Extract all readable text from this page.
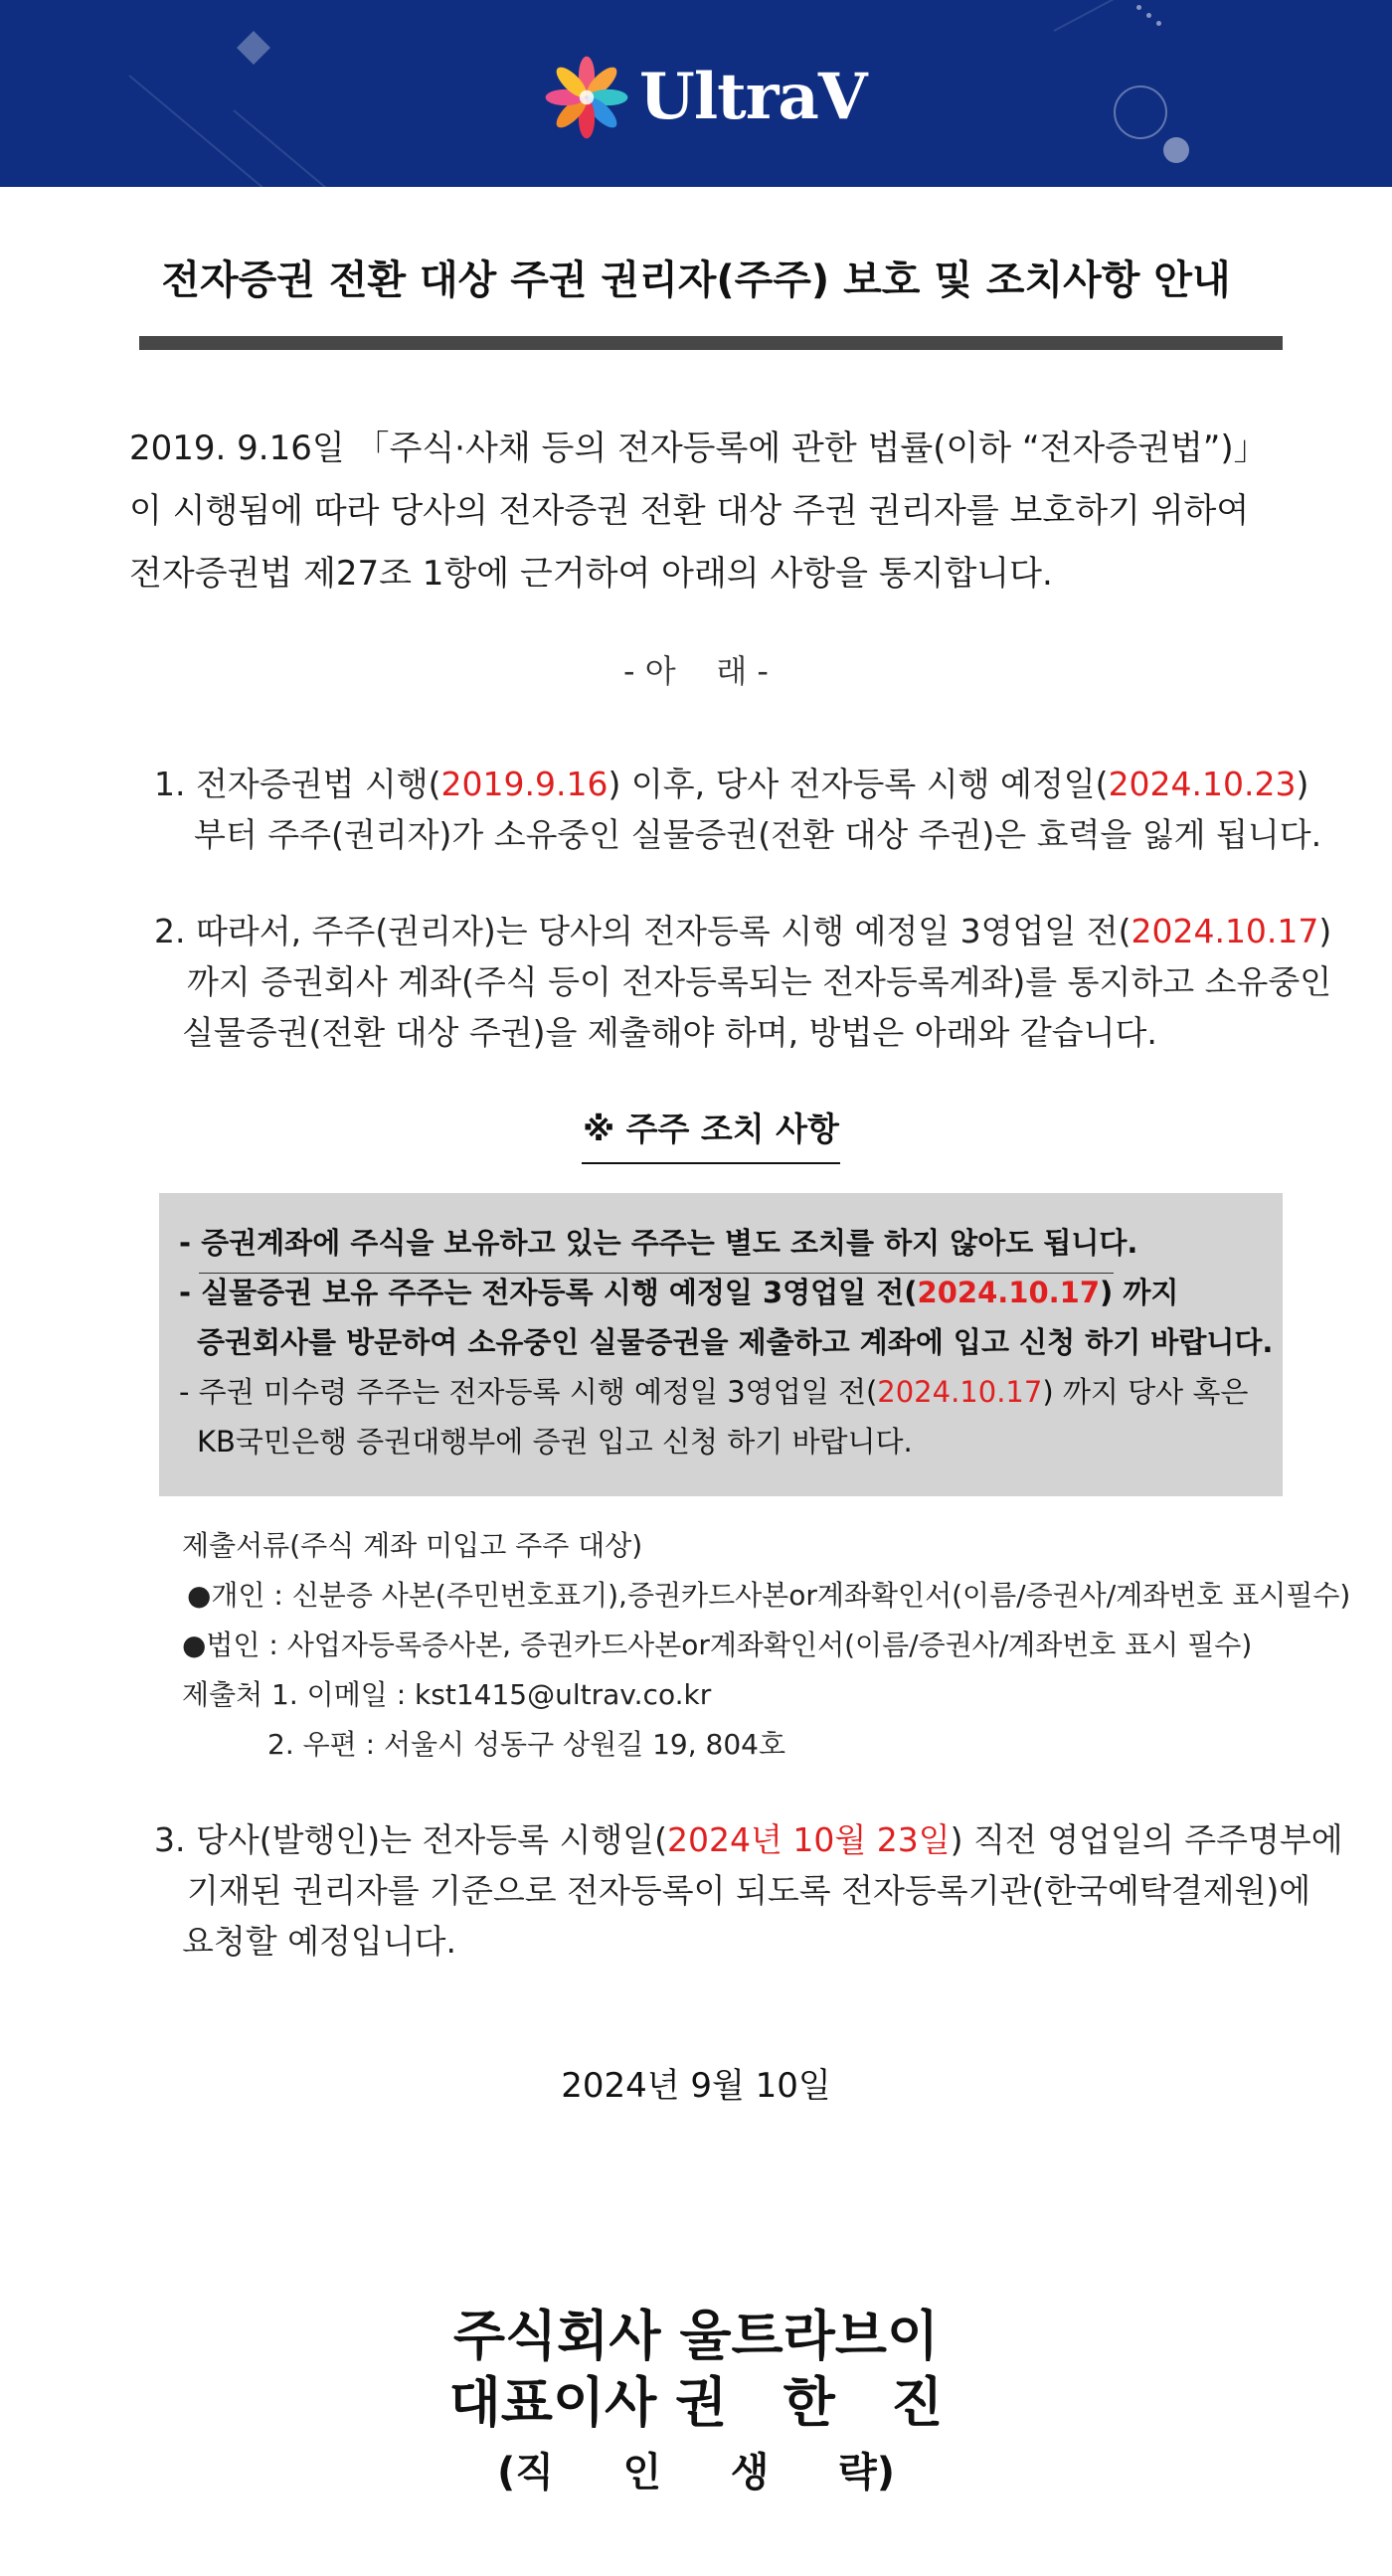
UltraV
전자증권 전환 대상 주권 권리자(주주) 보호 및 조치사항 안내
2019. 9.16일 「주식·사채 등의 전자등록에 관한 법률(이하 “전자증권법”)」
이 시행됨에 따라 당사의 전자증권 전환 대상 주권 권리자를 보호하기 위하여
전자증권법 제27조 1항에 근거하여 아래의 사항을 통지합니다.
- 아    래 -
1. 전자증권법 시행(2019.9.16) 이후, 당사 전자등록 시행 예정일(2024.10.23)
부터 주주(권리자)가 소유중인 실물증권(전환 대상 주권)은 효력을 잃게 됩니다.
2. 따라서, 주주(권리자)는 당사의 전자등록 시행 예정일 3영업일 전(2024.10.17)
까지 증권회사 계좌(주식 등이 전자등록되는 전자등록계좌)를 통지하고 소유중인
실물증권(전환 대상 주권)을 제출해야 하며, 방법은 아래와 같습니다.
※ 주주 조치 사항
- 증권계좌에 주식을 보유하고 있는 주주는 별도 조치를 하지 않아도 됩니다.
- 실물증권 보유 주주는 전자등록 시행 예정일 3영업일 전(2024.10.17) 까지
증권회사를 방문하여 소유중인 실물증권을 제출하고 계좌에 입고 신청 하기 바랍니다.
- 주권 미수령 주주는 전자등록 시행 예정일 3영업일 전(2024.10.17) 까지 당사 혹은
KB국민은행 증권대행부에 증권 입고 신청 하기 바랍니다.
제출서류(주식 계좌 미입고 주주 대상)
●개인 : 신분증 사본(주민번호표기),증권카드사본or계좌확인서(이름/증권사/계좌번호 표시필수)
●법인 : 사업자등록증사본, 증권카드사본or계좌확인서(이름/증권사/계좌번호 표시 필수)
제출처 1. 이메일 : kst1415@ultrav.co.kr
2. 우편 : 서울시 성동구 상원길 19, 804호
3. 당사(발행인)는 전자등록 시행일(2024년 10월 23일) 직전 영업일의 주주명부에
기재된 권리자를 기준으로 전자등록이 되도록 전자등록기관(한국예탁결제원)에
요청할 예정입니다.
2024년 9월 10일
주식회사 울트라브이
대표이사 권   한   진
(직     인     생     략)
